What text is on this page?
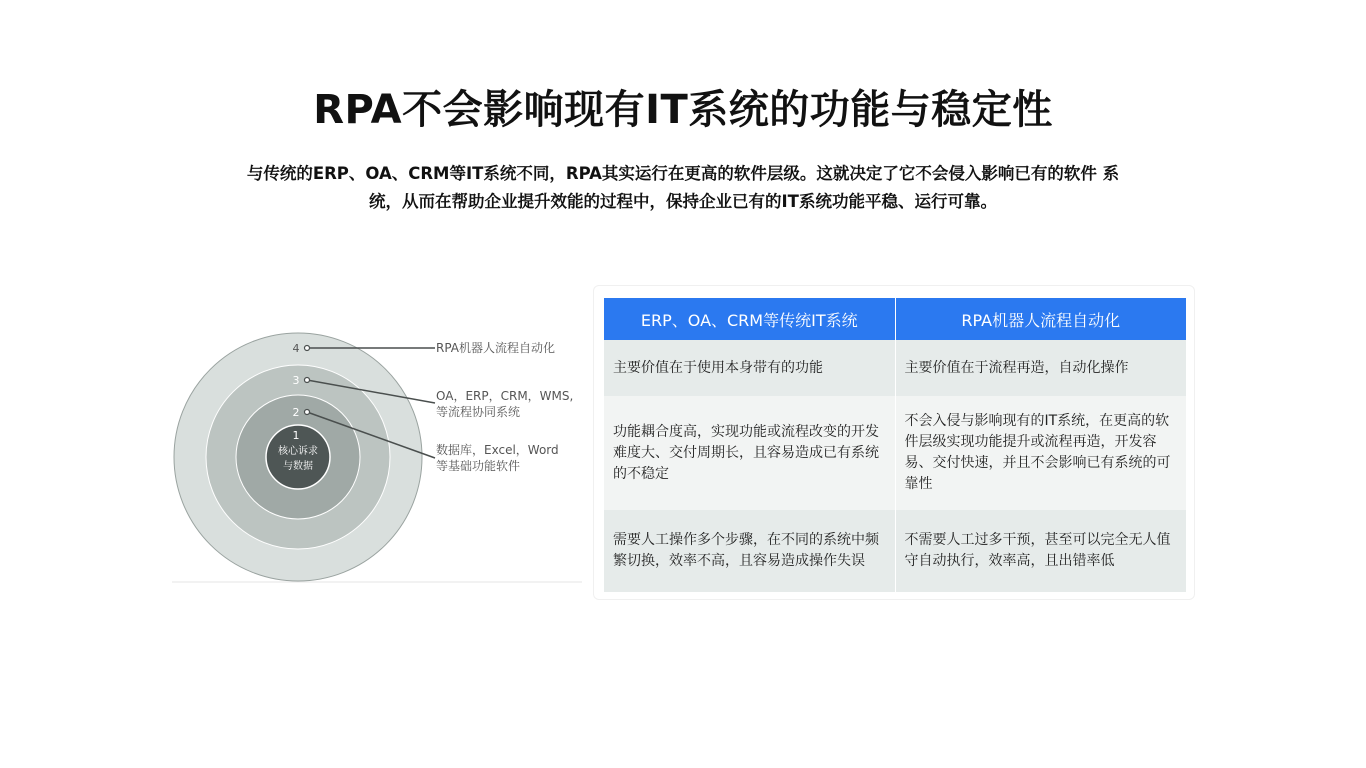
RPA不会影响现有IT系统的功能与稳定性
与传统的ERP、OA、CRM等IT系统不同，RPA其实运行在更高的软件层级。这就决定了它不会侵入影响已有的软件 系
统，从而在帮助企业提升效能的过程中，保持企业已有的IT系统功能平稳、运行可靠。
4
3
2
1
核心诉求
与数据
RPA机器人流程自动化
OA，ERP，CRM，WMS,
等流程协同系统
数据库，Excel，Word
等基础功能软件
ERP、OA、CRM等传统IT系统	RPA机器人流程自动化
主要价值在于使用本身带有的功能	主要价值在于流程再造，自动化操作
功能耦合度高，实现功能或流程改变的开发难度大、交付周期长，且容易造成已有系统的不稳定	不会入侵与影响现有的IT系统，在更高的软件层级实现功能提升或流程再造，开发容易、交付快速，并且不会影响已有系统的可靠性
需要人工操作多个步骤，在不同的系统中频繁切换，效率不高，且容易造成操作失误	不需要人工过多干预，甚至可以完全无人值守自动执行，效率高，且出错率低
